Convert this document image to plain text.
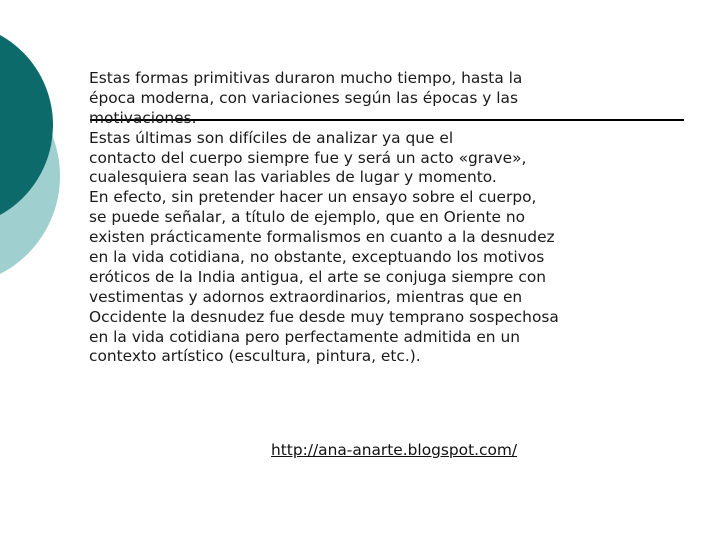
Estas formas primitivas duraron mucho tiempo, hasta la
época moderna, con variaciones según las épocas y las
motivaciones.
Estas últimas son difíciles de analizar ya que el
contacto del cuerpo siempre fue y será un acto «grave»,
cualesquiera sean las variables de lugar y momento.
En efecto, sin pretender hacer un ensayo sobre el cuerpo,
se puede señalar, a título de ejemplo, que en Oriente no
existen prácticamente formalismos en cuanto a la desnudez
en la vida cotidiana, no obstante, exceptuando los motivos
eróticos de la India antigua, el arte se conjuga siempre con
vestimentas y adornos extraordinarios, mientras que en
Occidente la desnudez fue desde muy temprano sospechosa
en la vida cotidiana pero perfectamente admitida en un
contexto artístico (escultura, pintura, etc.).
http://ana-anarte.blogspot.com/
